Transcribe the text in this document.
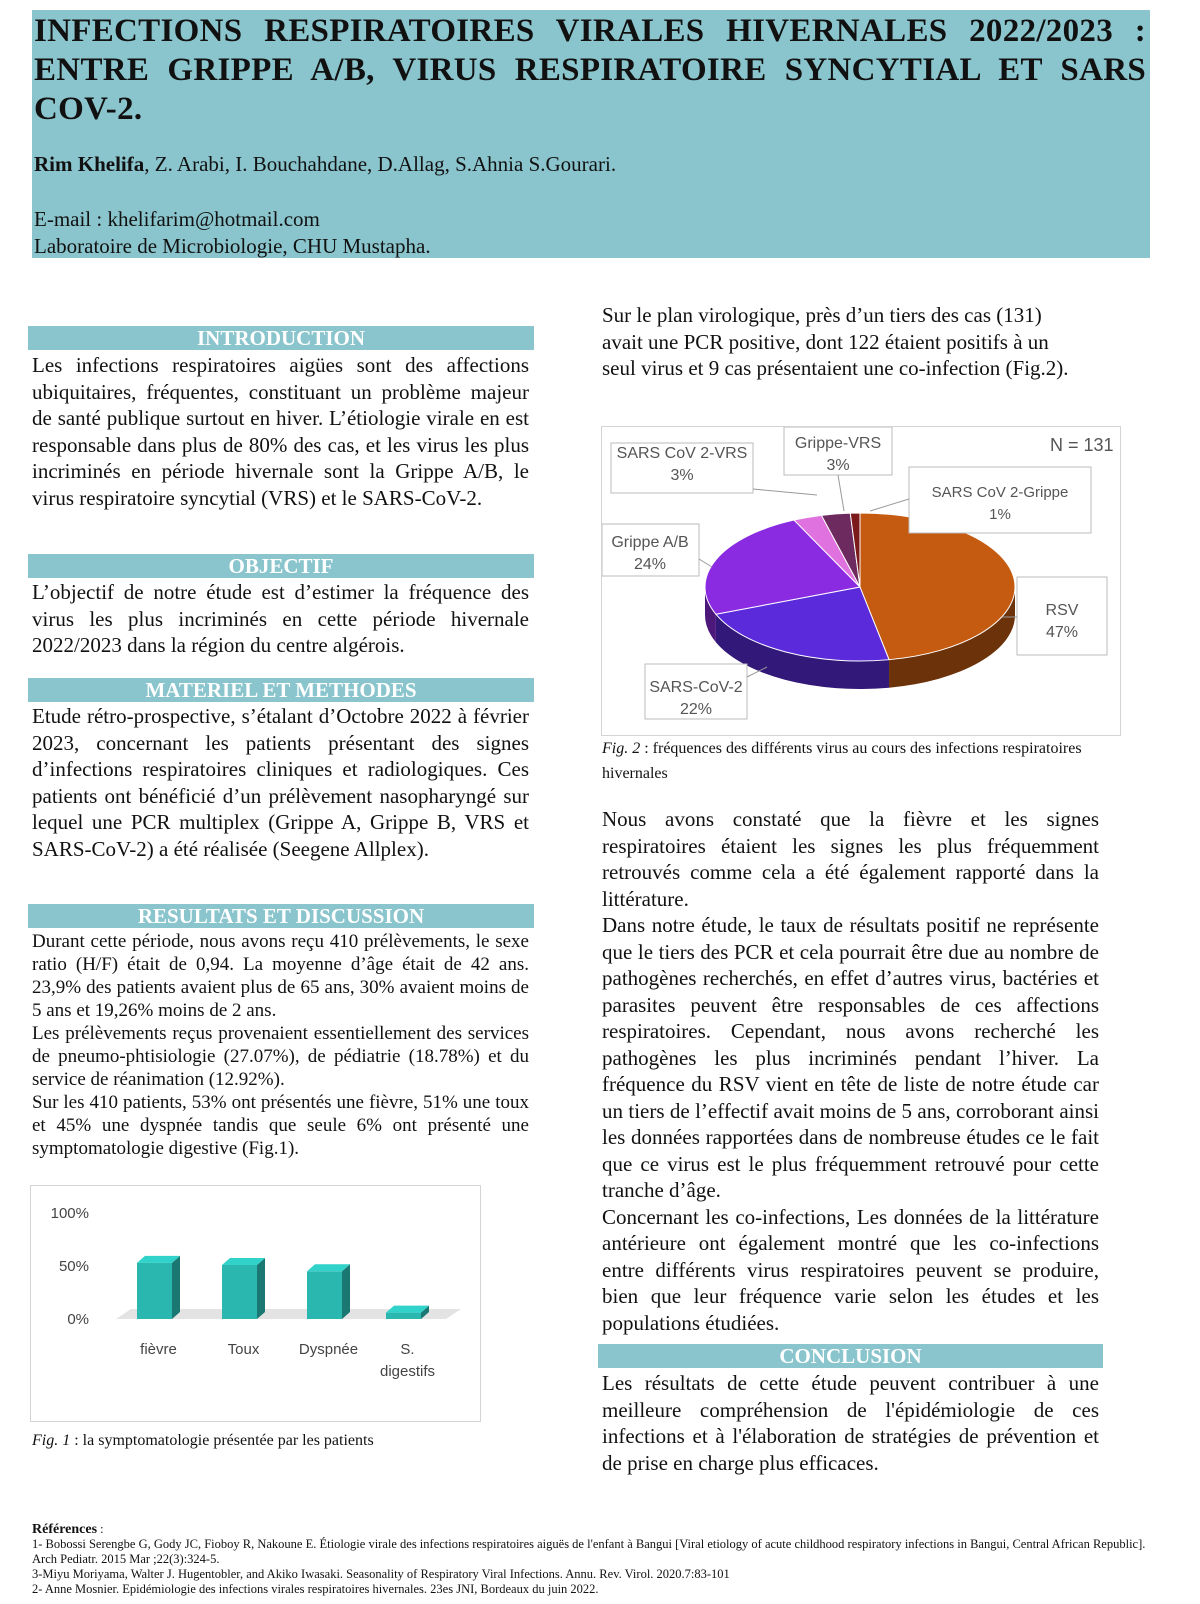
INFECTIONS RESPIRATOIRES VIRALES HIVERNALES 2022/2023 : ENTRE GRIPPE A/B, VIRUS RESPIRATOIRE SYNCYTIAL ET SARS COV-2.
Rim Khelifa, Z. Arabi, I. Bouchahdane, D.Allag, S.Ahnia S.Gourari.
E-mail : khelifarim@hotmail.com
Laboratoire de Microbiologie, CHU Mustapha.
INTRODUCTION
Les infections respiratoires aigües sont des affections ubiquitaires, fréquentes, constituant un problème majeur de santé publique surtout en hiver. L’étiologie virale en est responsable dans plus de 80% des cas, et les virus les plus incriminés en période hivernale sont la Grippe A/B, le virus respiratoire syncytial (VRS) et le SARS-CoV-2.
OBJECTIF
L’objectif de notre étude est d’estimer la fréquence des virus les plus incriminés en cette période hivernale 2022/2023 dans la région du centre algérois.
MATERIEL ET METHODES
Etude rétro-prospective, s’étalant d’Octobre 2022 à février 2023, concernant les patients présentant des signes d’infections respiratoires cliniques et radiologiques. Ces patients ont bénéficié d’un prélèvement nasopharyngé sur lequel une PCR multiplex (Grippe A, Grippe B, VRS et SARS-CoV-2) a été réalisée (Seegene Allplex).
RESULTATS ET DISCUSSION

Durant cette période, nous avons reçu 410 prélèvements, le sexe ratio (H/F) était de 0,94. La moyenne d’âge était de 42 ans. 23,9% des patients avaient plus de 65 ans, 30% avaient moins de 5 ans et 19,26% moins de 2 ans.

Les prélèvements reçus provenaient essentiellement des services de pneumo-phtisiologie (27.07%), de pédiatrie (18.78%) et du service de réanimation (12.92%).

Sur les 410 patients, 53% ont présentés une fièvre, 51% une toux et 45% une dyspnée tandis que seule 6% ont présenté une symptomatologie digestive (Fig.1).

0%
50%
100%
fièvre	Toux	Dyspnée	S.
digestifs
Fig. 1 : la symptomatologie présentée par les patients
Sur le plan virologique, près d’un tiers des cas (131) avait une PCR positive, dont 122 étaient positifs à un seul virus et 9 cas présentaient une co-infection (Fig.2).
N = 131
RSV
47%
SARS-CoV-2
22%
Grippe A/B
24%
SARS CoV 2-VRS
3%
Grippe-VRS
3%
SARS CoV 2-Grippe
1%
Fig. 2 : fréquences des différents virus au cours des infections respiratoires hivernales

Nous avons constaté que la fièvre et les signes respiratoires étaient les signes les plus fréquemment retrouvés comme cela a été également rapporté dans la littérature.

Dans notre étude, le taux de résultats positif ne représente que le tiers des PCR et cela pourrait être due au nombre de pathogènes recherchés, en effet d’autres virus, bactéries et parasites peuvent être responsables de ces affections respiratoires. Cependant, nous avons recherché les pathogènes les plus incriminés pendant l’hiver. La fréquence du RSV vient en tête de liste de notre étude car un tiers de l’effectif avait moins de 5 ans, corroborant ainsi les données rapportées dans de nombreuse études ce le fait que ce virus est le plus fréquemment retrouvé pour cette tranche d’âge.

Concernant les co-infections, Les données de la littérature antérieure ont également montré que les co-infections entre différents virus respiratoires peuvent se produire, bien que leur fréquence varie selon les études et les populations étudiées.

CONCLUSION
Les résultats de cette étude peuvent contribuer à une meilleure compréhension de l'épidémiologie de ces infections et à l'élaboration de stratégies de prévention et de prise en charge plus efficaces.
Références :
1- Bobossi Serengbe G, Gody JC, Fioboy R, Nakoune E. Étiologie virale des infections respiratoires aiguës de l'enfant à Bangui [Viral etiology of acute childhood respiratory infections in Bangui, Central African Republic]. Arch Pediatr. 2015 Mar ;22(3):324-5.
3-Miyu Moriyama, Walter J. Hugentobler, and Akiko Iwasaki. Seasonality of Respiratory Viral Infections. Annu. Rev. Virol. 2020.7:83-101
2- Anne Mosnier. Epidémiologie des infections virales respiratoires hivernales. 23es JNI, Bordeaux du juin 2022.
